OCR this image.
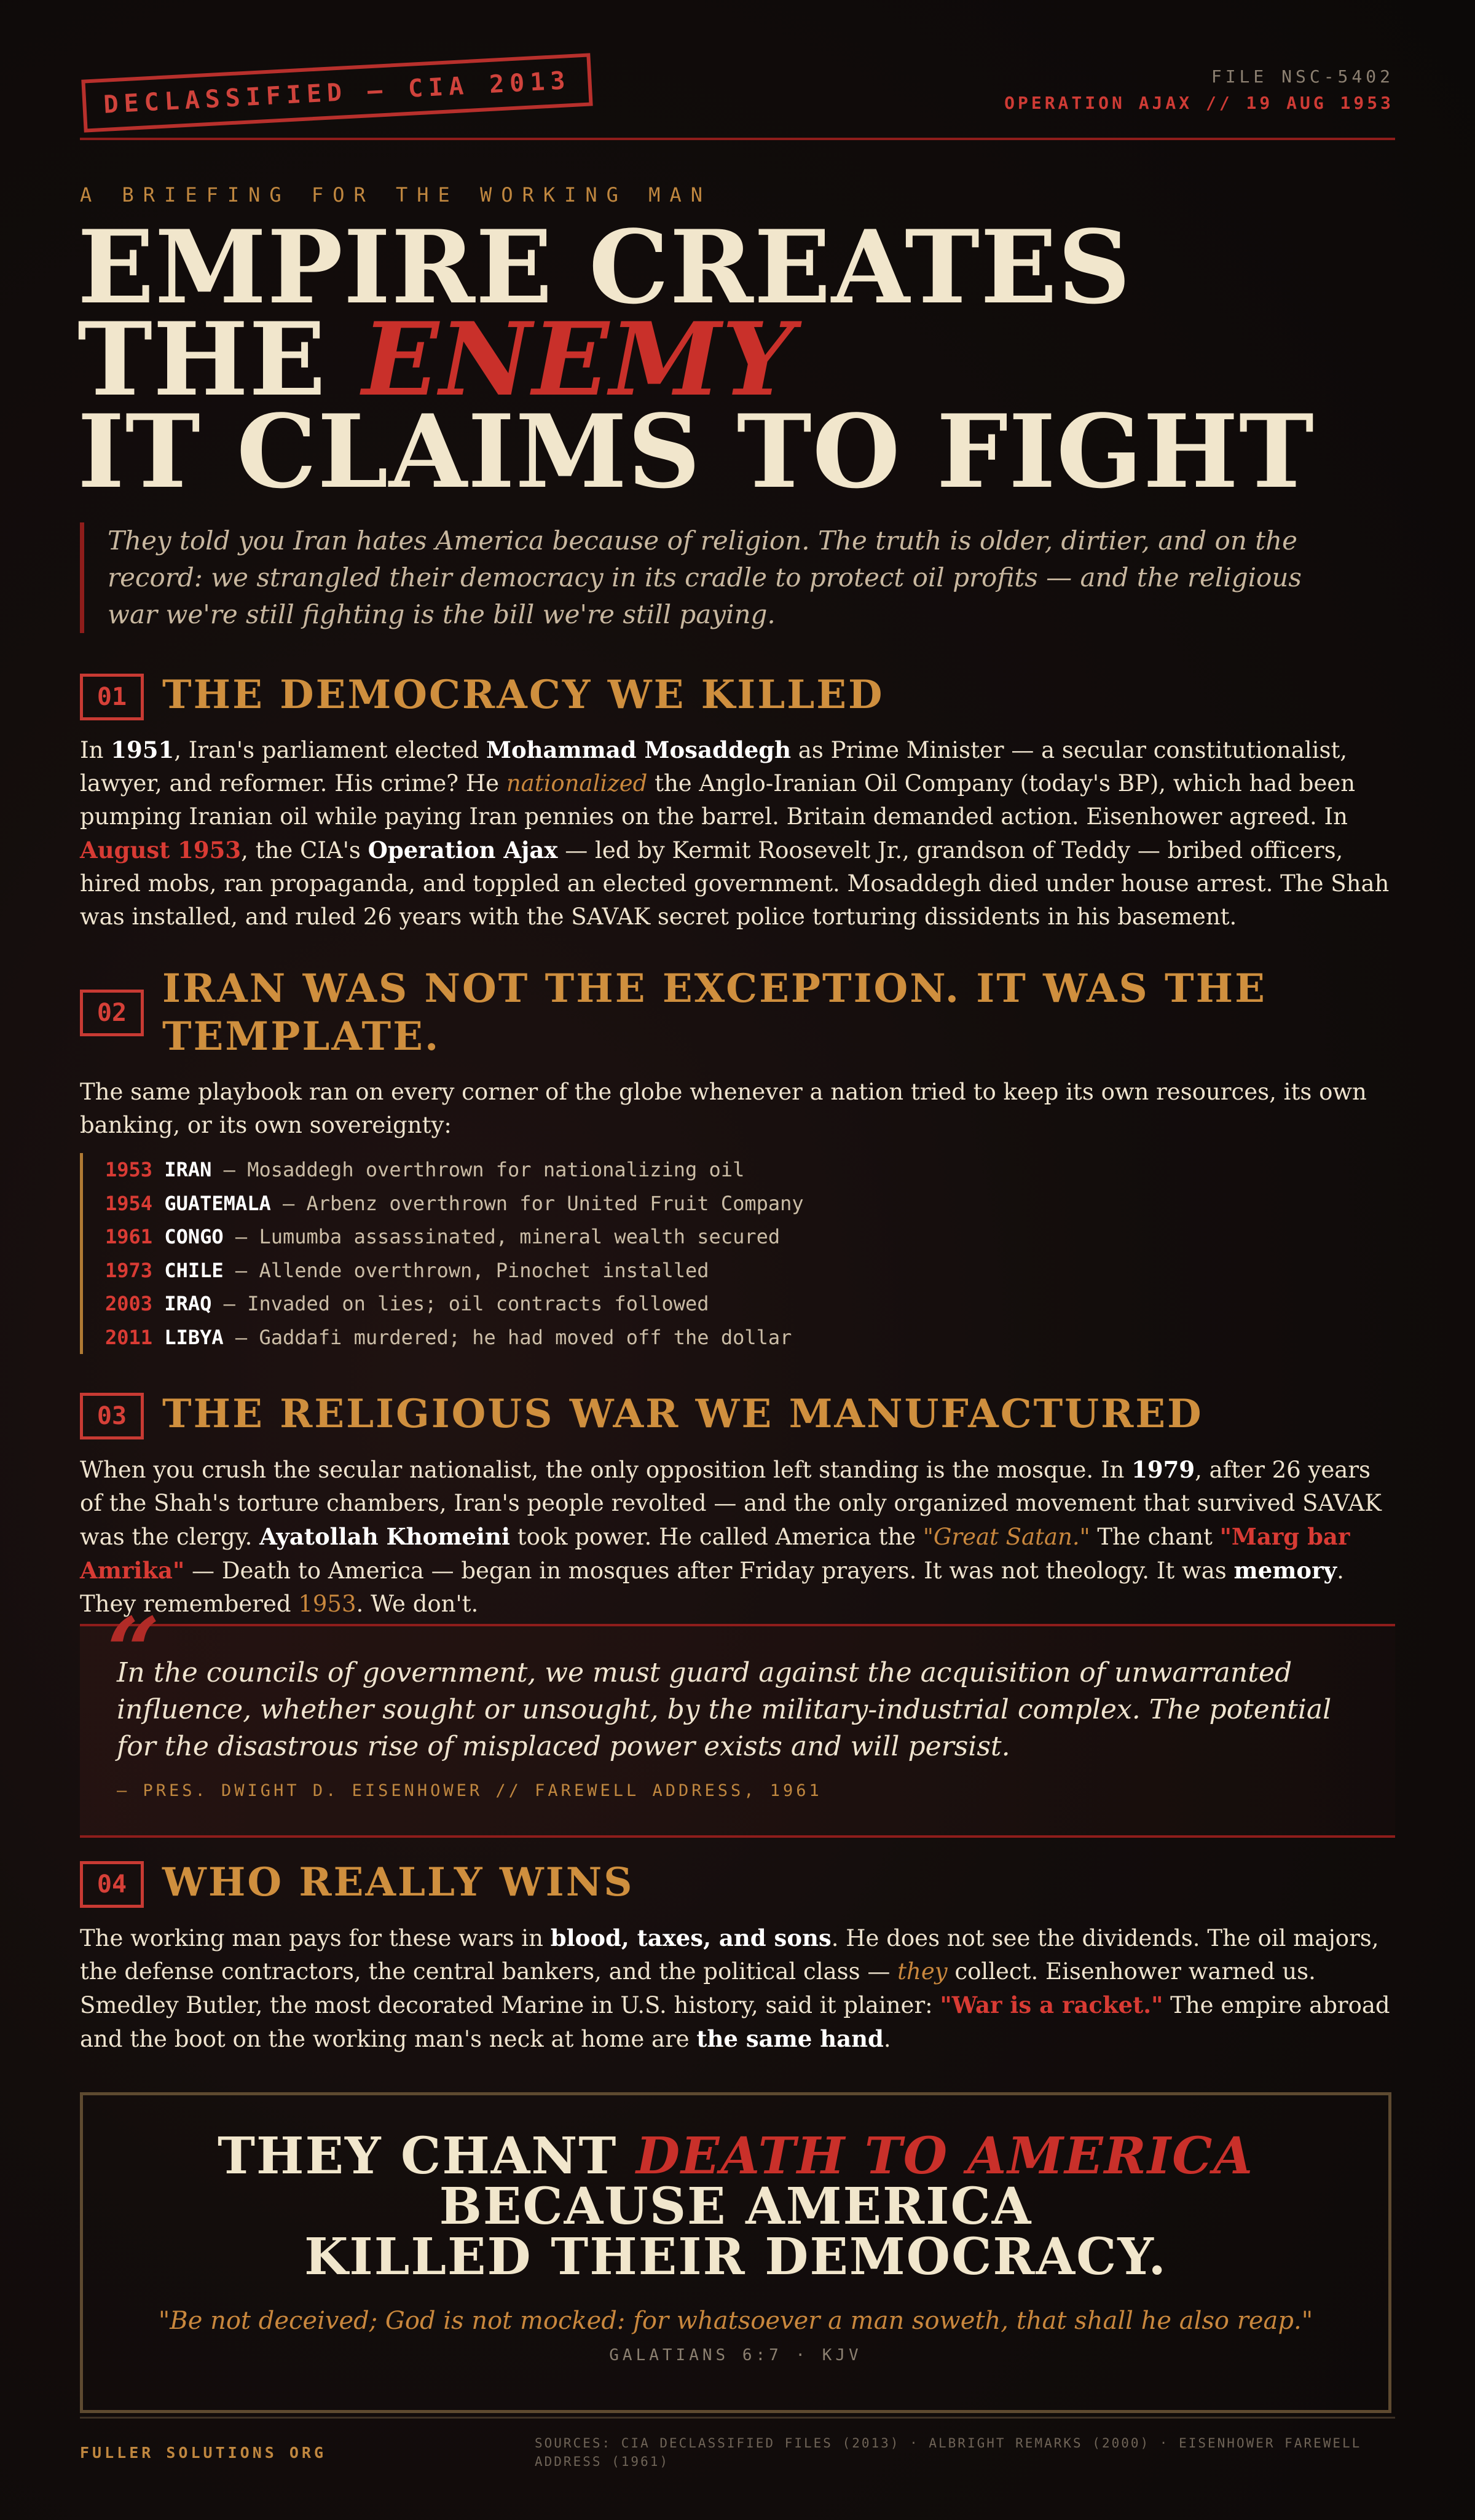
DECLASSIFIED — CIA 2013	FILE NSC-5402
OPERATION AJAX // 19 AUG 1953
A BRIEFING FOR THE WORKING MAN
EMPIRE CREATES
THE ENEMY
IT CLAIMS TO FIGHT
They told you Iran hates America because of religion. The truth is older, dirtier, and on the record: we strangled their democracy in its cradle to protect oil profits — and the religious war we're still fighting is the bill we're still paying.
01 THE DEMOCRACY WE KILLED
In 1951, Iran's parliament elected Mohammad Mosaddegh as Prime Minister — a secular constitutionalist, lawyer, and reformer. His crime? He nationalized the Anglo-Iranian Oil Company (today's BP), which had been pumping Iranian oil while paying Iran pennies on the barrel. Britain demanded action. Eisenhower agreed. In August 1953, the CIA's Operation Ajax — led by Kermit Roosevelt Jr., grandson of Teddy — bribed officers, hired mobs, ran propaganda, and toppled an elected government. Mosaddegh died under house arrest. The Shah was installed, and ruled 26 years with the SAVAK secret police torturing dissidents in his basement.
02
IRAN WAS NOT THE EXCEPTION. IT WAS THE
TEMPLATE.
The same playbook ran on every corner of the globe whenever a nation tried to keep its own resources, its own banking, or its own sovereignty:
1953 IRAN — Mosaddegh overthrown for nationalizing oil
1954 GUATEMALA — Arbenz overthrown for United Fruit Company
1961 CONGO — Lumumba assassinated, mineral wealth secured
1973 CHILE — Allende overthrown, Pinochet installed
2003 IRAQ — Invaded on lies; oil contracts followed
2011 LIBYA — Gaddafi murdered; he had moved off the dollar
03 THE RELIGIOUS WAR WE MANUFACTURED
When you crush the secular nationalist, the only opposition left standing is the mosque. In 1979, after 26 years of the Shah's torture chambers, Iran's people revolted — and the only organized movement that survived SAVAK was the clergy. Ayatollah Khomeini took power. He called America the "Great Satan." The chant "Marg bar Amrika" — Death to America — began in mosques after Friday prayers. It was not theology. It was memory. They remembered 1953. We don't.
“
In the councils of government, we must guard against the acquisition of unwarranted influence, whether sought or unsought, by the military-industrial complex. The potential for the disastrous rise of misplaced power exists and will persist.
— PRES. DWIGHT D. EISENHOWER // FAREWELL ADDRESS, 1961
04 WHO REALLY WINS
The working man pays for these wars in blood, taxes, and sons. He does not see the dividends. The oil majors, the defense contractors, the central bankers, and the political class — they collect. Eisenhower warned us. Smedley Butler, the most decorated Marine in U.S. history, said it plainer: "War is a racket." The empire abroad and the boot on the working man's neck at home are the same hand.
THEY CHANT DEATH TO AMERICA
BECAUSE AMERICA
KILLED THEIR DEMOCRACY.
"Be not deceived; God is not mocked: for whatsoever a man soweth, that shall he also reap."
GALATIANS 6:7 · KJV
FULLER SOLUTIONS ORG
SOURCES: CIA DECLASSIFIED FILES (2013) · ALBRIGHT REMARKS (2000) · EISENHOWER FAREWELL ADDRESS (1961)
